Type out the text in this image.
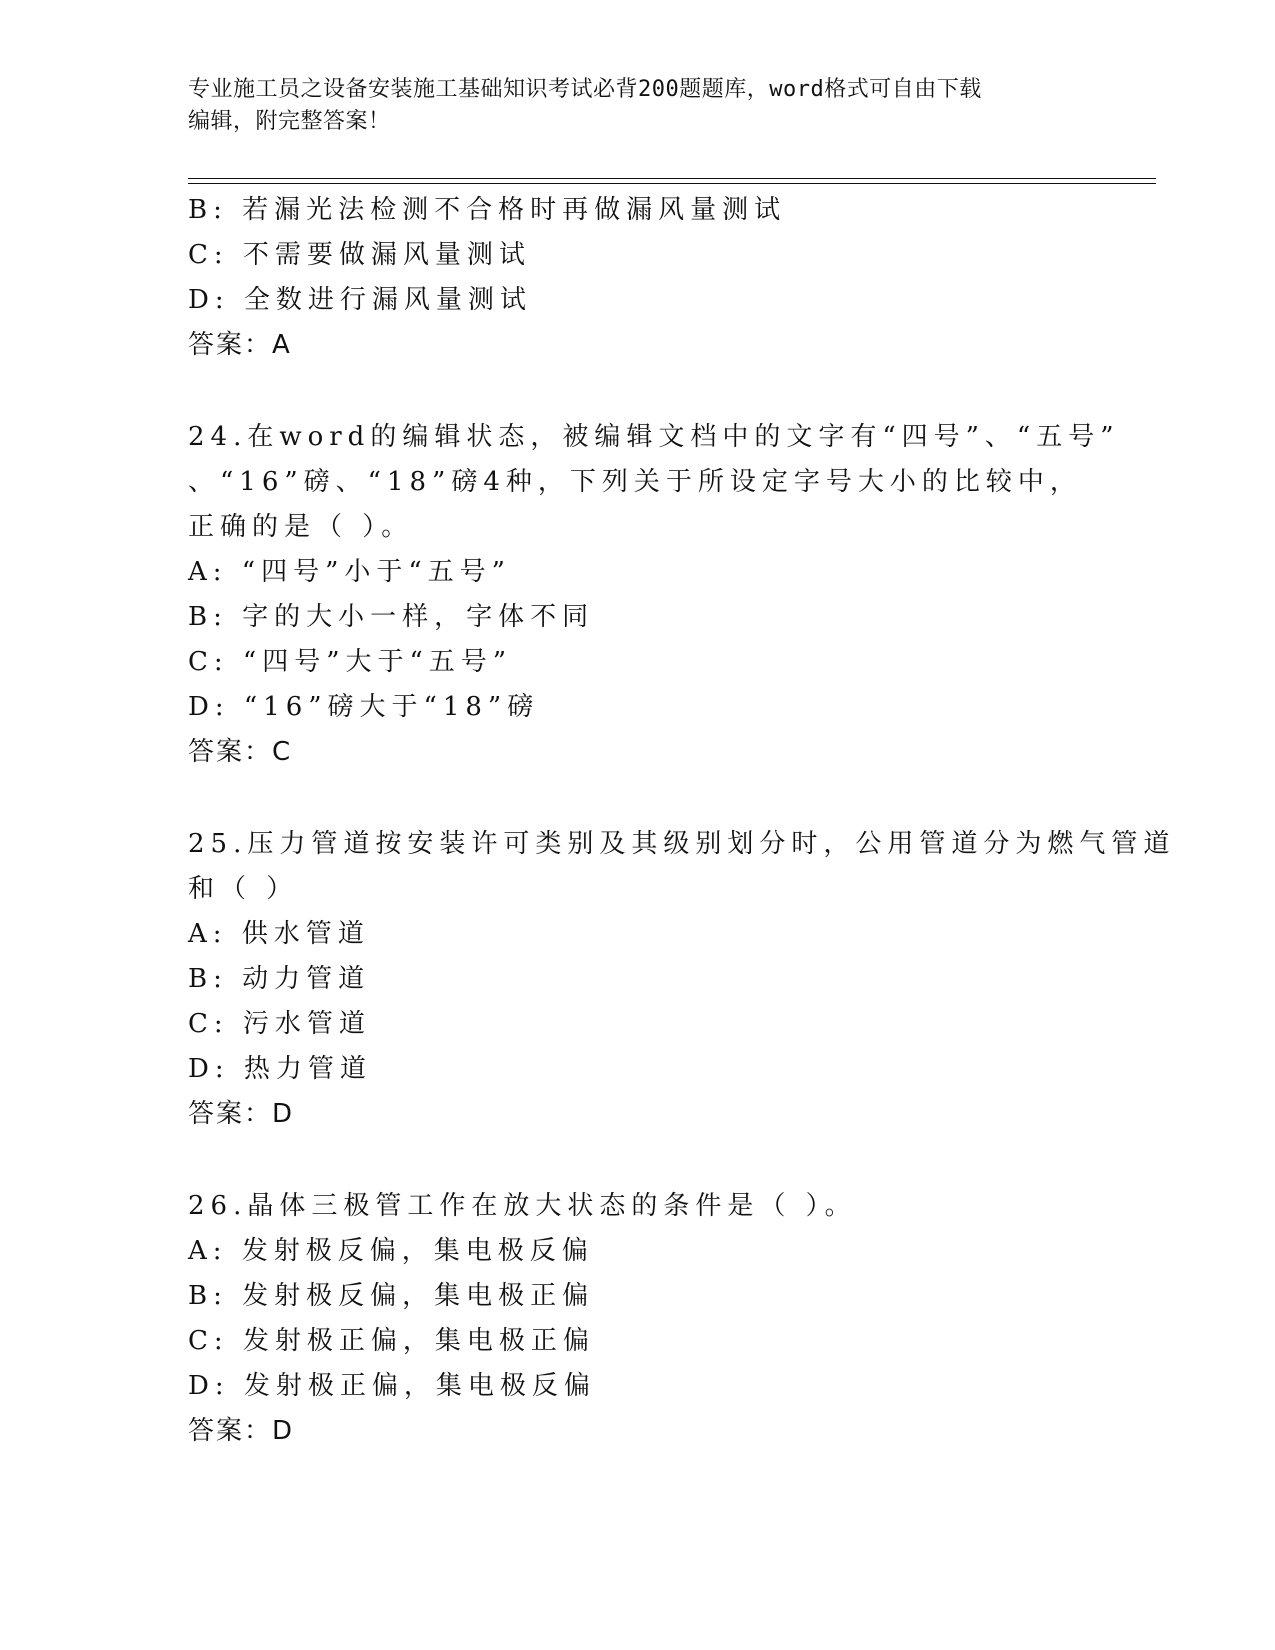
专业施工员之设备安装施工基础知识考试必背200题题库，word格式可自由下载
编辑，附完整答案！
B: 若漏光法检测不合格时再做漏风量测试
C: 不需要做漏风量测试
D: 全数进行漏风量测试
答案：A
24.在word的编辑状态，被编辑文档中的文字有“四号”、“五号”
、“16”磅、“18”磅4种，下列关于所设定字号大小的比较中，
正确的是（ ）。
A: “四号”小于“五号”
B: 字的大小一样，字体不同
C: “四号”大于“五号”
D: “16”磅大于“18”磅
答案：C
25.压力管道按安装许可类别及其级别划分时，公用管道分为燃气管道
和（ ）
A: 供水管道
B: 动力管道
C: 污水管道
D: 热力管道
答案：D
26.晶体三极管工作在放大状态的条件是（ ）。
A: 发射极反偏，集电极反偏
B: 发射极反偏，集电极正偏
C: 发射极正偏，集电极正偏
D: 发射极正偏，集电极反偏
答案：D
